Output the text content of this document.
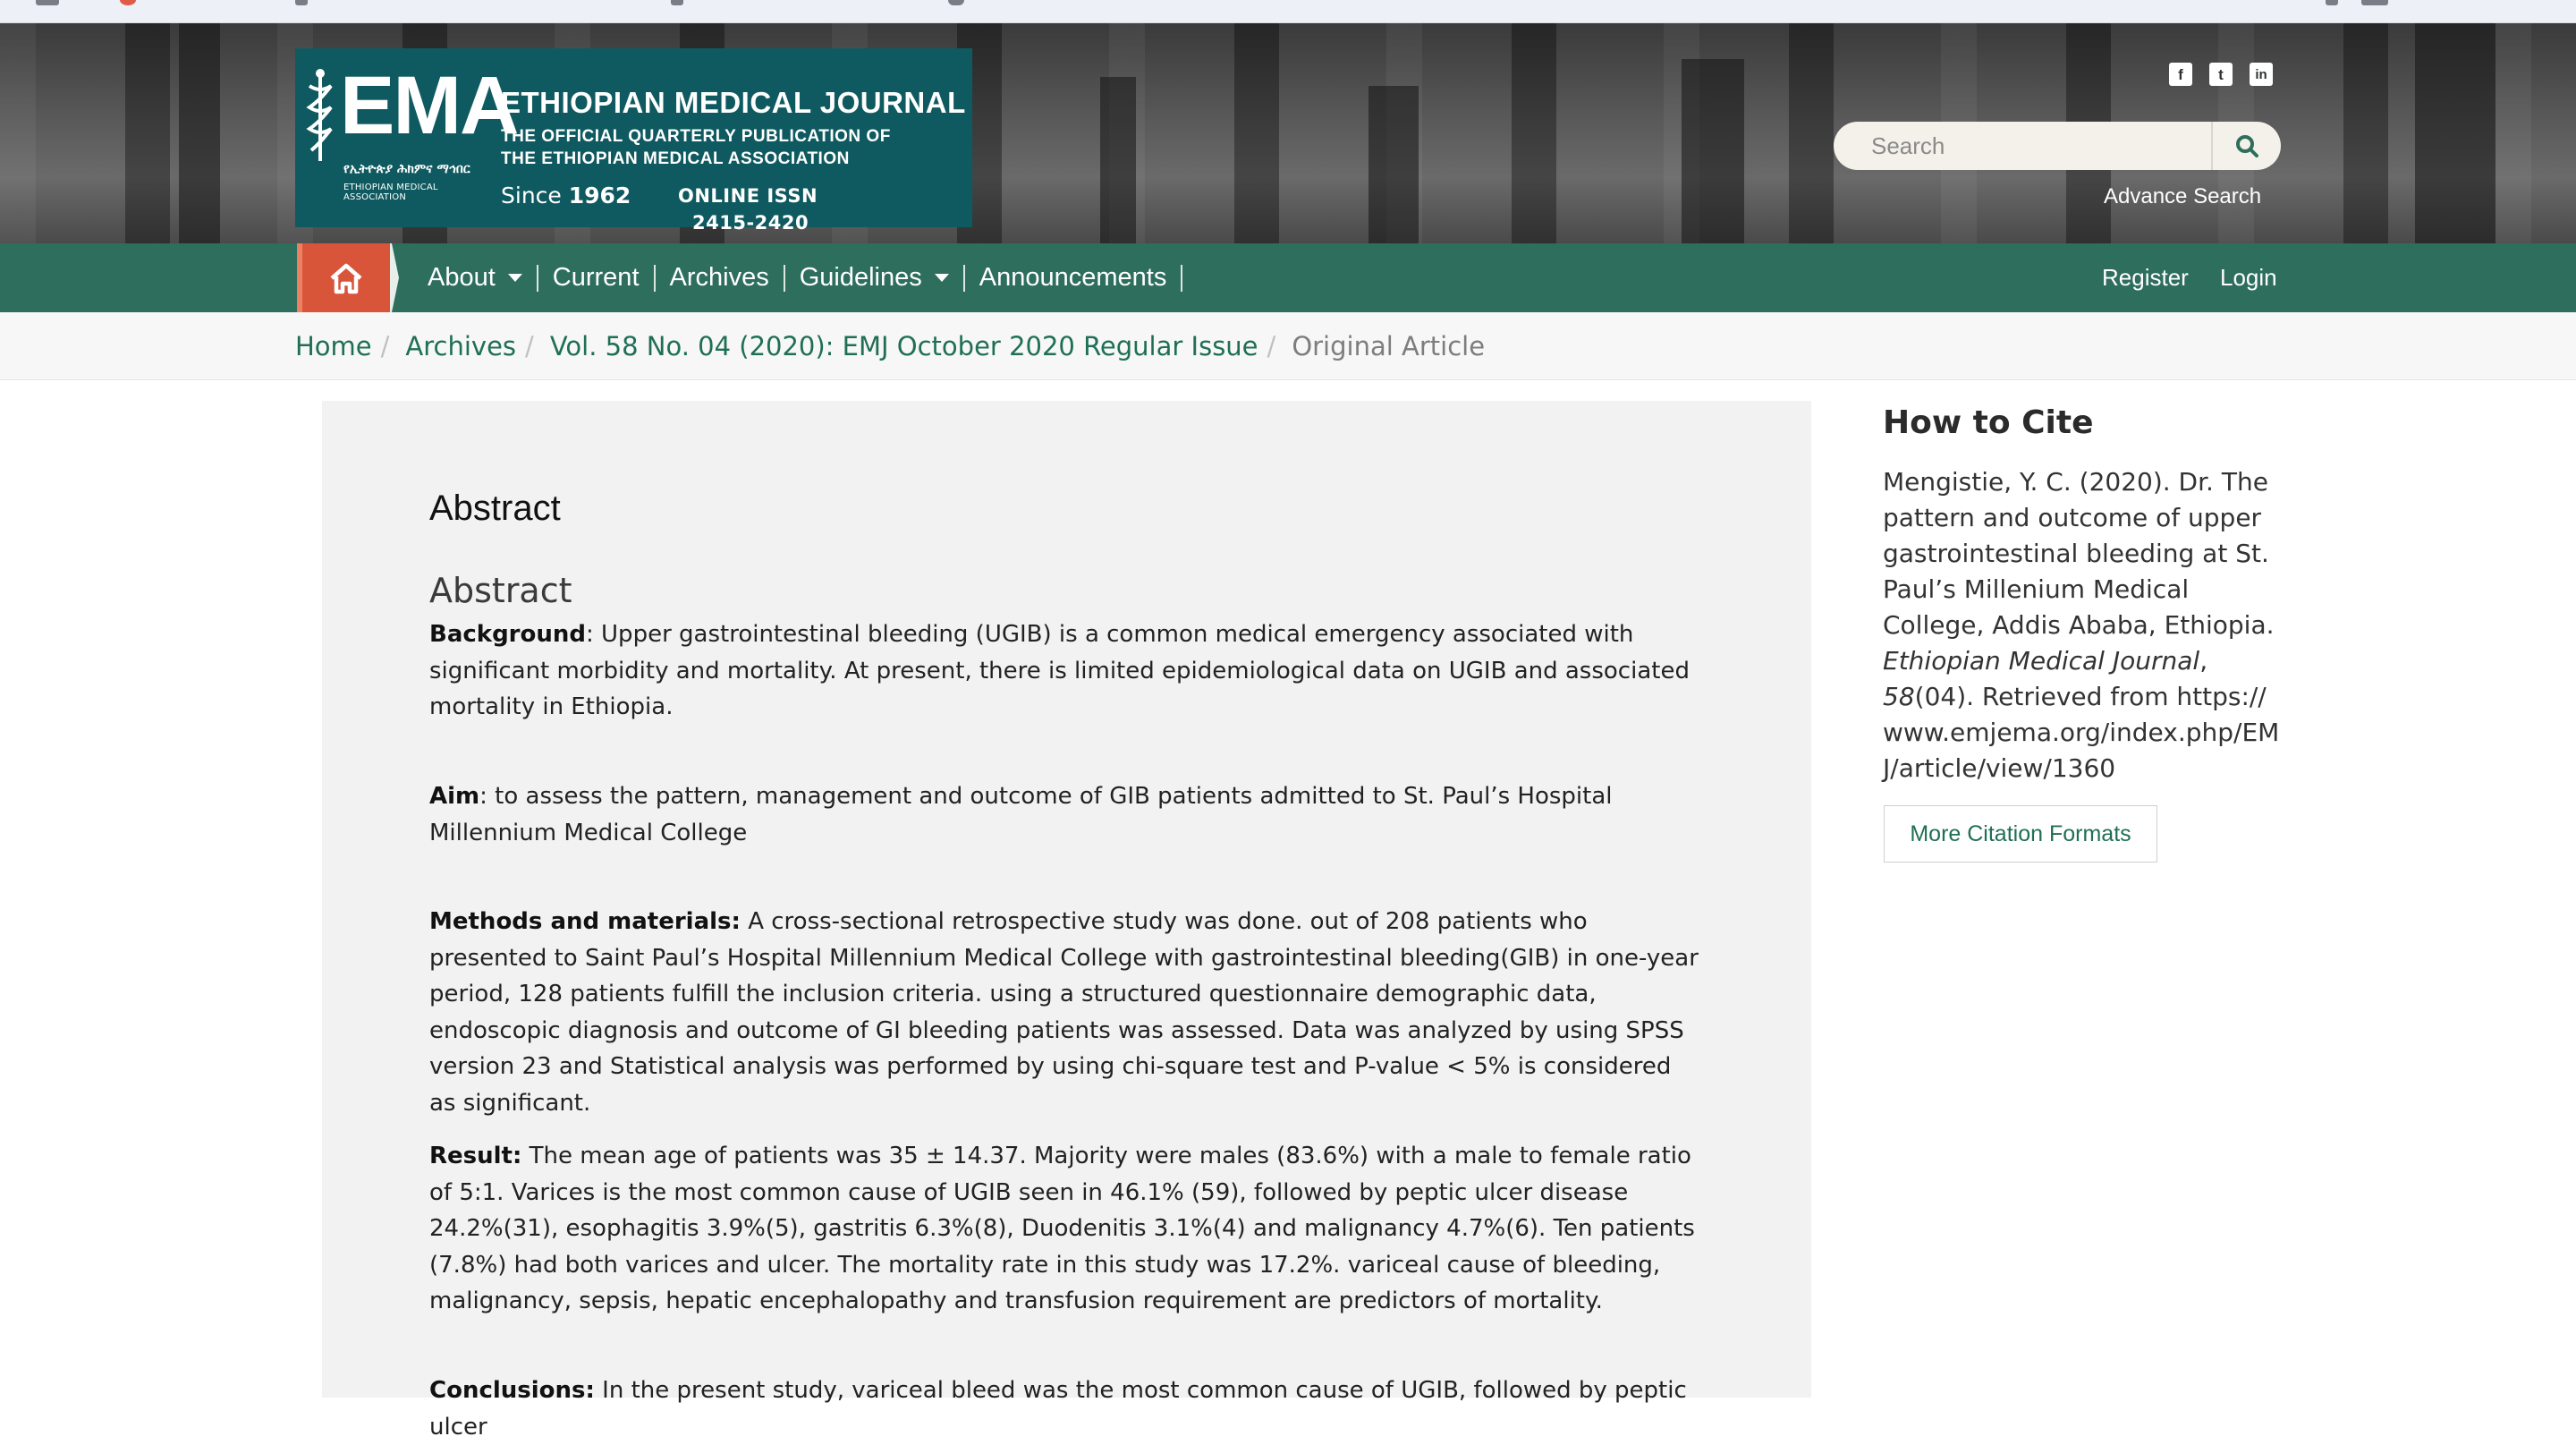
EMA
የኢትዮጵያ ሕክምና ማኅበር
ETHIOPIAN MEDICAL ASSOCIATION
ETHIOPIAN MEDICAL JOURNAL
THE OFFICIAL QUARTERLY PUBLICATION OF
THE ETHIOPIAN MEDICAL ASSOCIATION
Since 1962	ONLINE ISSN
2415-2420
f	t	in
Search
Advance Search
About Current Archives Guidelines Announcements	Register Login
Home / Archives / Vol. 58 No. 04 (2020): EMJ October 2020 Regular Issue / Original Article
Abstract
Abstract
Background: Upper gastrointestinal bleeding (UGIB) is a common medical emergency associated with significant morbidity and mortality. At present, there is limited epidemiological data on UGIB and associated mortality in Ethiopia.
Aim: to assess the pattern, management and outcome of GIB patients admitted to St. Paul’s Hospital Millennium Medical College
Methods and materials: A cross-sectional retrospective study was done. out of 208 patients who presented to Saint Paul’s Hospital Millennium Medical College with gastrointestinal bleeding(GIB) in one-year period, 128 patients fulfill the inclusion criteria. using a structured questionnaire demographic data, endoscopic diagnosis and outcome of GI bleeding patients was assessed. Data was analyzed by using SPSS version 23 and Statistical analysis was performed by using chi-square test and P-value < 5% is considered as significant.
Result: The mean age of patients was 35 ± 14.37. Majority were males (83.6%) with a male to female ratio of 5:1. Varices is the most common cause of UGIB seen in 46.1% (59), followed by peptic ulcer disease 24.2%(31), esophagitis 3.9%(5), gastritis 6.3%(8), Duodenitis 3.1%(4) and malignancy 4.7%(6). Ten patients (7.8%) had both varices and ulcer. The mortality rate in this study was 17.2%. variceal cause of bleeding, malignancy, sepsis, hepatic encephalopathy and transfusion requirement are predictors of mortality.
Conclusions: In the present study, variceal bleed was the most common cause of UGIB, followed by peptic ulcer
How to Cite
Mengistie, Y. C. (2020). Dr. The pattern and outcome of upper gastrointestinal bleeding at St. Paul’s Millenium Medical College, Addis Ababa, Ethiopia. Ethiopian Medical Journal, 58(04). Retrieved from https://www.emjema.org/index.php/EMJ/article/view/1360
More Citation Formats
